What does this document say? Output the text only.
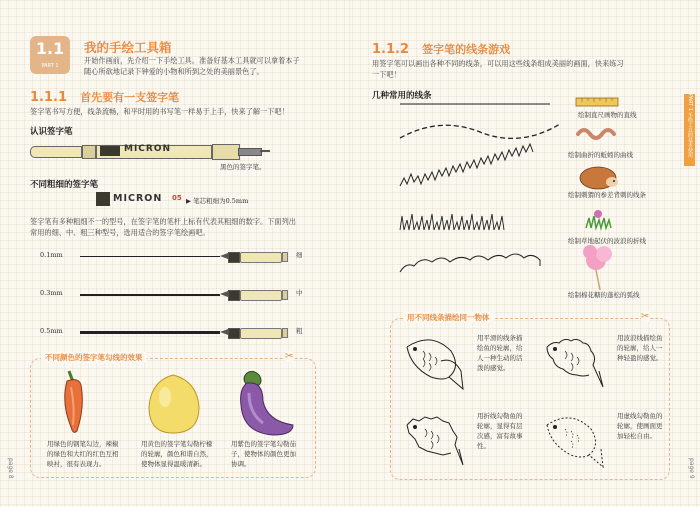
1.1
PART 1
我的手绘工具箱
开始作画前，先介绍一下手绘工具。准备好基本工具就可以拿着本子
随心所欲地记录下钟爱的小物和所到之处的美丽景色了。
1.1.1 首先要有一支签字笔
签字笔书写方便，线条流畅，和平时用的书写笔一样易于上手，快来了解一下吧！
认识签字笔
MICRON
黑色的签字笔。
不同粗细的签字笔
MICRON 05 ▶ 笔芯粗细为0.5mm
签字笔有多种粗细不一的型号，在签字笔的笔杆上标有代表其粗细的数字。下面列出
常用的细、中、粗三种型号，选用适合的签字笔绘画吧。
0.1mm	细
0.3mm	中
0.5mm	粗
不同颜色的签字笔勾线的效果	✂
用绿色的钢笔勾边，辣椒
的绿色和大红的红色互相
映衬，很有表现力。
用黄色的签字笔勾勒柠檬
的轮廓，颜色和谐自然，
使物体显得温暖清新。
用紫色的签字笔勾勒茄
子，使物体的颜色更加
协调。
page 8
1.1.2 签字笔的线条游戏
用签字笔可以画出各种不同的线条，可以用这些线条组成美丽的画面，快来练习
一下吧！
几种常用的线条
绘制直尺画物的直线
绘制曲折的蚯蚓的曲线
绘制刺猬的参差背刺的线条
绘制草地起伏的波浪的折线
绘制棉花糖的蓬松的弧线
用不同线条描绘同一物体	✂
用平滑的线条描
绘鱼的轮廓，给
人一种生动的活
泼的感觉。
用波浪线描绘鱼
的轮廓，给人一
种轻盈的感觉。
用折线勾勒鱼的
轮廓，显得有层
次感，富有故事
性。
用虚线勾勒鱼的
轮廓，使画面更
加轻松自由。
PART 1 手绘工具的基本使用
page 9
